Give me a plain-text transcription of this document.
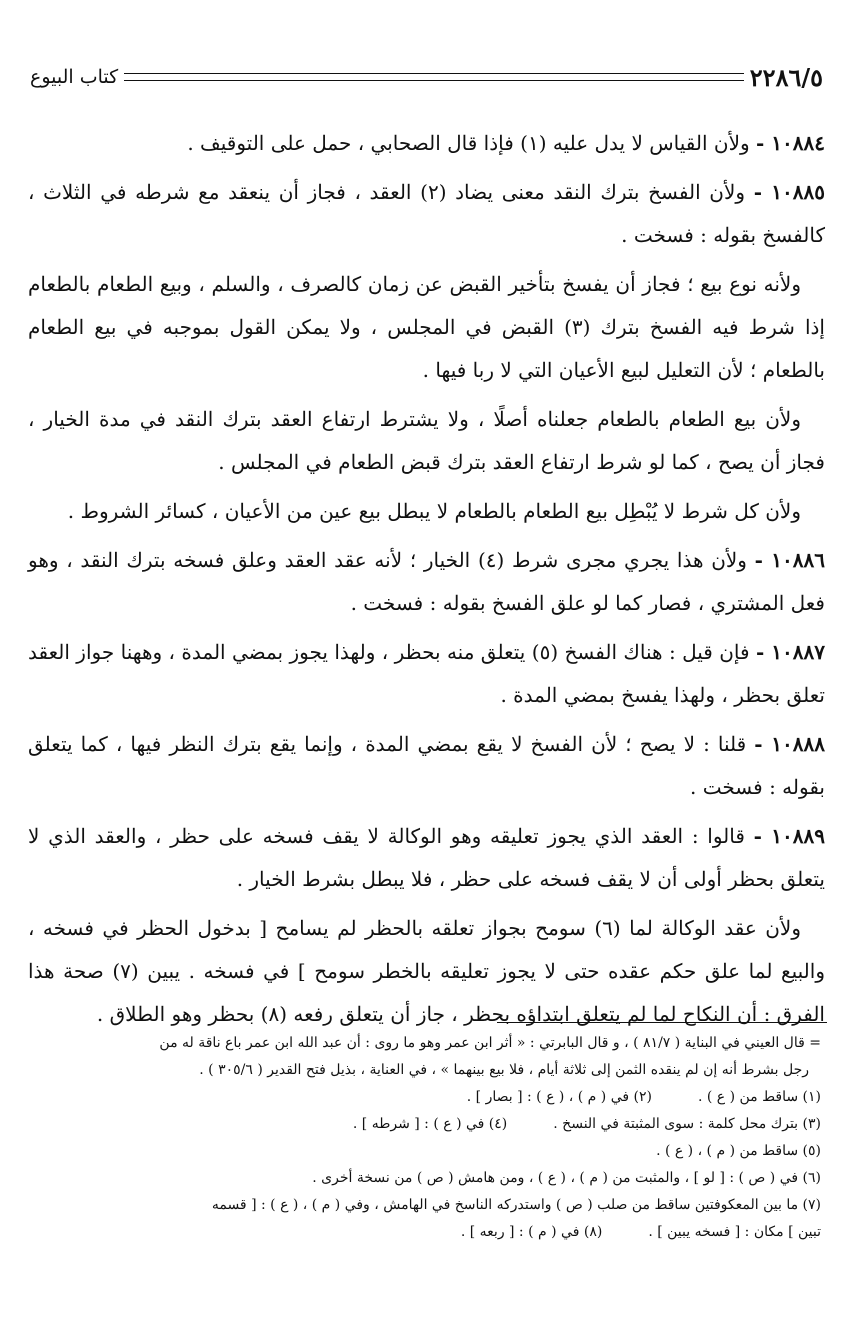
٢٢٨٦/٥
كتاب البيوع

١٠٨٨٤ - ولأن القياس لا يدل عليه (١) فإذا قال الصحابي ، حمل على التوقيف .

١٠٨٨٥ - ولأن الفسخ بترك النقد معنى يضاد (٢) العقد ، فجاز أن ينعقد مع شرطه في الثلاث ، كالفسخ بقوله : فسخت .

ولأنه نوع بيع ؛ فجاز أن يفسخ بتأخير القبض عن زمان كالصرف ، والسلم ، وبيع الطعام بالطعام إذا شرط فيه الفسخ بترك (٣) القبض في المجلس ، ولا يمكن القول بموجبه في بيع الطعام بالطعام ؛ لأن التعليل لبيع الأعيان التي لا ربا فيها .

ولأن بيع الطعام بالطعام جعلناه أصلًا ، ولا يشترط ارتفاع العقد بترك النقد في مدة الخيار ، فجاز أن يصح ، كما لو شرط ارتفاع العقد بترك قبض الطعام في المجلس .

ولأن كل شرط لا يُبْطِل بيع الطعام بالطعام لا يبطل بيع عين من الأعيان ، كسائر الشروط .

١٠٨٨٦ - ولأن هذا يجري مجرى شرط (٤) الخيار ؛ لأنه عقد العقد وعلق فسخه بترك النقد ، وهو فعل المشتري ، فصار كما لو علق الفسخ بقوله : فسخت .

١٠٨٨٧ - فإن قيل : هناك الفسخ (٥) يتعلق منه بحظر ، ولهذا يجوز بمضي المدة ، وههنا جواز العقد تعلق بحظر ، ولهذا يفسخ بمضي المدة .

١٠٨٨٨ - قلنا : لا يصح ؛ لأن الفسخ لا يقع بمضي المدة ، وإنما يقع بترك النظر فيها ، كما يتعلق بقوله : فسخت .

١٠٨٨٩ - قالوا : العقد الذي يجوز تعليقه وهو الوكالة لا يقف فسخه على حظر ، والعقد الذي لا يتعلق بحظر أولى أن لا يقف فسخه على حظر ، فلا يبطل بشرط الخيار .

ولأن عقد الوكالة لما (٦) سومح بجواز تعلقه بالحظر لم يسامح [ بدخول الحظر في فسخه ، والبيع لما علق حكم عقده حتى لا يجوز تعليقه بالخطر سومح ] في فسخه . يبين (٧) صحة هذا الفرق : أن النكاح لما لم يتعلق ابتداؤه بحظر ، جاز أن يتعلق رفعه (٨) بحظر وهو الطلاق .

= قال العيني في البناية ( ٨١/٧ ) ، و قال البابرتي : « أثر ابن عمر وهو ما روى : أن عبد الله ابن عمر باع ناقة له من

رجل بشرط أنه إن لم ينقده الثمن إلى ثلاثة أيام ، فلا بيع بينهما » ، في العناية ، بذيل فتح القدير ( ٣٠٥/٦ ) .

(١) ساقط من ( ع ) .
(٢) في ( م ) ، ( ع ) : [ بصار ] .
(٣) بترك محل كلمة : سوى المثبتة في النسخ .
(٤) في ( ع ) : [ شرطه ] .

(٥) ساقط من ( م ) ، ( ع ) .

(٦) في ( ص ) : [ لو ] ، والمثبت من ( م ) ، ( ع ) ، ومن هامش ( ص ) من نسخة أخرى .

(٧) ما بين المعكوفتين ساقط من صلب ( ص ) واستدركه الناسخ في الهامش ، وفي ( م ) ، ( ع ) : [ قسمه

تبين ] مكان : [ فسخه يبين ] .
(٨) في ( م ) : [ ربعه ] .
